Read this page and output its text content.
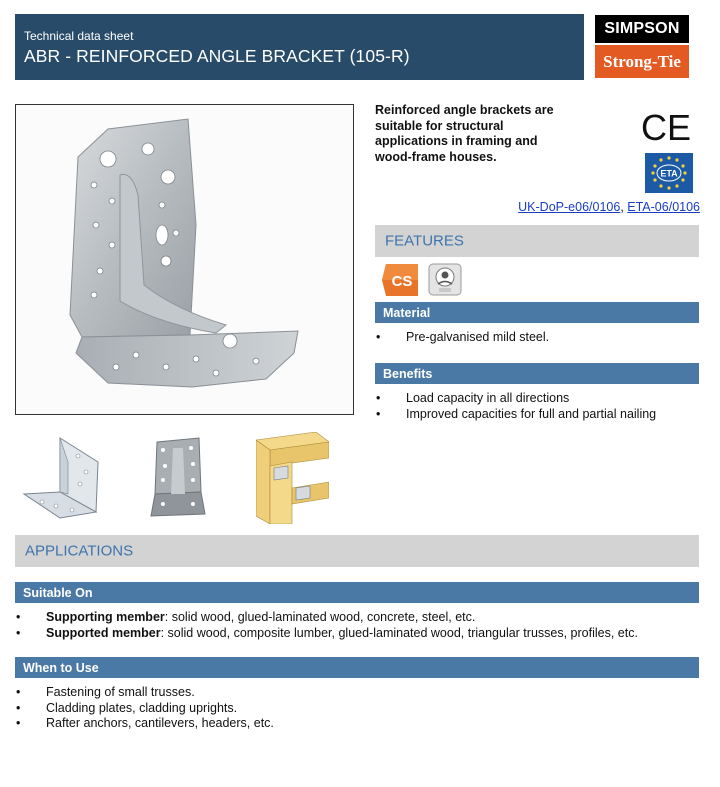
Technical data sheet
ABR - REINFORCED ANGLE BRACKET (105-R)
SIMPSON
Strong-Tie
Reinforced angle brackets are suitable for structural applications in framing and wood-frame houses.
CE
ETA
UK-DoP-e06/0106, ETA-06/0106
FEATURES
CS
Material
• Pre-galvanised mild steel.
Benefits
• Load capacity in all directions
• Improved capacities for full and partial nailing
APPLICATIONS
Suitable On
• Supporting member: solid wood, glued-laminated wood, concrete, steel, etc.
• Supported member: solid wood, composite lumber, glued-laminated wood, triangular trusses, profiles, etc.
When to Use
• Fastening of small trusses.
• Cladding plates, cladding uprights.
• Rafter anchors, cantilevers, headers, etc.
